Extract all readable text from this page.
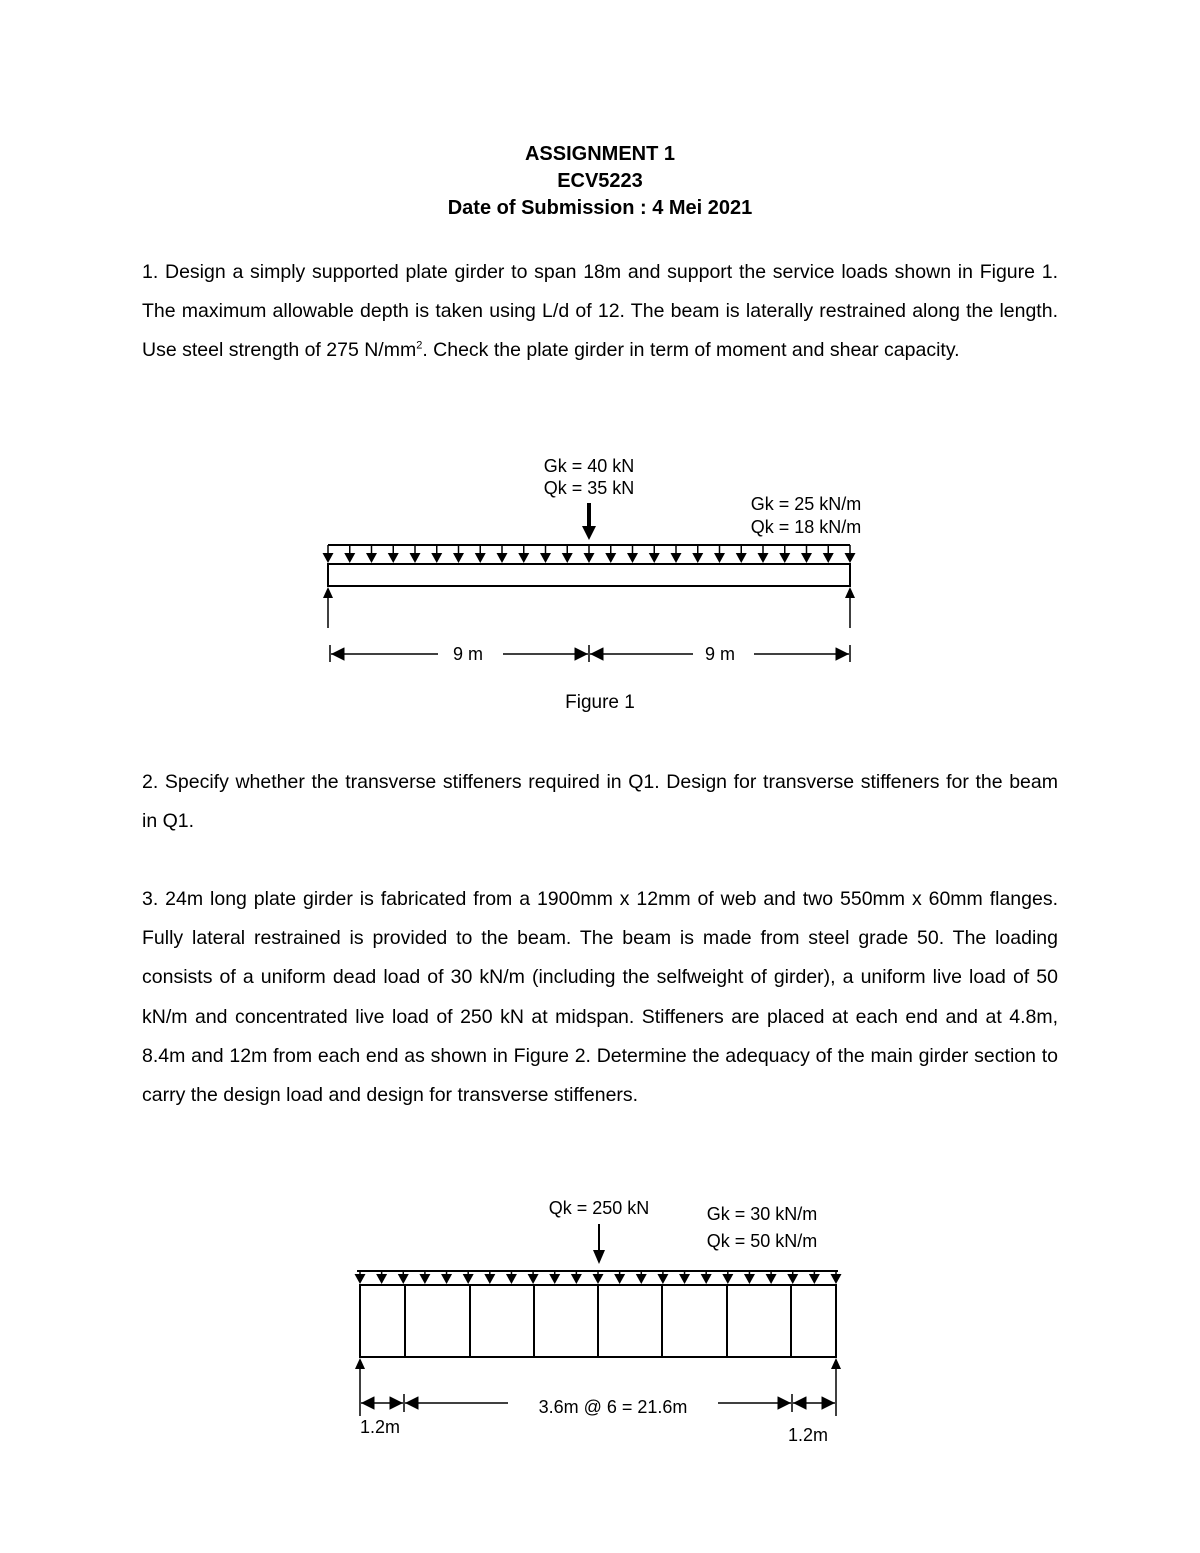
ASSIGNMENT 1
ECV5223
Date of Submission : 4 Mei 2021
1. Design a simply supported plate girder to span 18m and support the service loads shown in Figure 1. The maximum allowable depth is taken using L/d of 12. The beam is laterally restrained along the length. Use steel strength of 275 $N/mm^2$. Check the plate girder in term of moment and shear capacity.
Gk = 40 kN
Qk = 35 kN
Gk = 25 kN/m
Qk = 18 kN/m
9 m	9 m
Qk = 250 kN	Gk = 30 kN/m
Qk = 50 kN/m
3.6m @ 6 = 21.6m
1.2m	1.2m
Figure 1
2. Specify whether the transverse stiffeners required in Q1. Design for transverse stiffeners for the beam in Q1.
3. 24m long plate girder is fabricated from a 1900mm x 12mm of web and two 550mm x 60mm flanges. Fully lateral restrained is provided to the beam. The beam is made from steel grade 50. The loading consists of a uniform dead load of 30 kN/m (including the selfweight of girder), a uniform live load of 50 kN/m and concentrated live load of 250 kN at midspan. Stiffeners are placed at each end and at 4.8m, 8.4m and 12m from each end as shown in Figure 2. Determine the adequacy of the main girder section to carry the design load and design for transverse stiffeners.
